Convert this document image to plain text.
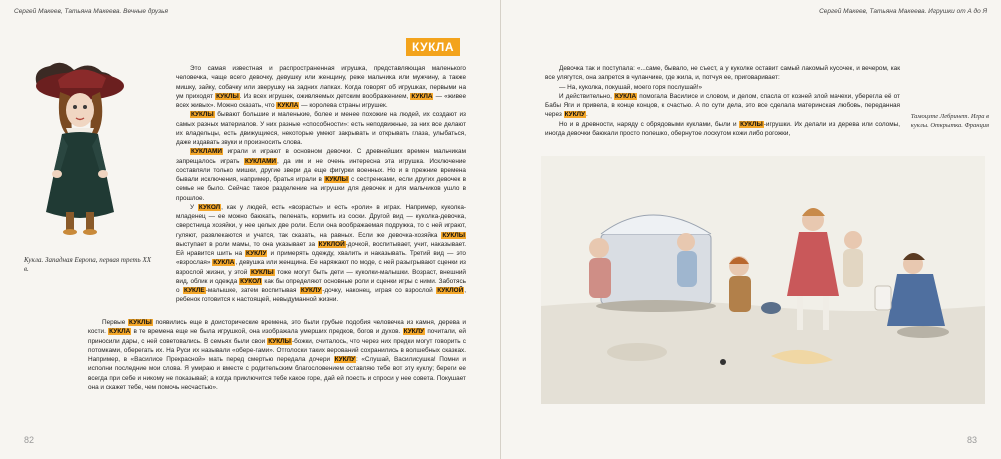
Сергей Макеев, Татьяна Макеева. Вечные друзья
КУКЛА
Кукла. Западная Европа, первая треть XX в.

Это самая известная и распространенная игрушка, представляющая маленького человечка, чаще всего девочку, девушку или женщину, реже мальчика или мужчину, а также мишку, зайку, собачку или зверушку на задних лапках. Когда говорят об игрушках, первыми на ум приходят КУКЛЫ. Из всех игрушек, оживляемых детским воображением, КУКЛА — «живее всех живых». Можно сказать, что КУКЛА — королева страны игрушек.

КУКЛЫ бывают большие и маленькие, более и менее похожие на людей, их создают из самых разных материалов. У них разные «способности»: есть неподвижные, за них все делают их владельцы, есть движущиеся, некоторые умеют закрывать и открывать глаза, улыбаться, даже издавать звуки и произносить слова.

КУКЛАМИ играли и играют в основном девочки. С древнейших времен мальчикам запрещалось играть КУКЛАМИ, да им и не очень интересна эта игрушка. Исключение составляли только мишки, другие звери да еще фигурки военных. Но и в прежние времена бывали исключения, например, братья играли в КУКЛЫ с сестренками, если других девочек в семье не было. Сейчас такое разделение на игрушки для девочек и для мальчиков ушло в прошлое.

У КУКОЛ, как у людей, есть «возрасты» и есть «роли» в играх. Например, куколка-младенец — ее можно баюкать, пеленать, кормить из соски. Другой вид — куколка-девочка, сверстница хозяйки, у нее целых две роли. Если она воображаемая подружка, то с ней играют, гуляют, развлекаются и учатся, так сказать, на равных. Если же девочка-хозяйка КУКЛЫ выступает в роли мамы, то она указывает за КУКЛОЙ-дочкой, воспитывает, учит, наказывает. Ей нравится шить на КУКЛУ и примерять одежду, хвалить и наказывать. Третий вид — это «взрослая» КУКЛА, девушка или женщина. Ее наряжают по моде, с ней разыгрывают сценки из взрослой жизни, у этой КУКЛЫ тоже могут быть дети — куколки-малышки. Возраст, внешний вид, облик и одежда КУКОЛ как бы определяют основные роли и сценки игры с ними. Заботясь о КУКЛЕ-малышке, затем воспитывая КУКЛУ-дочку, наконец, играя со взрослой КУКЛОЙ, ребенок готовится к настоящей, невыдуманной жизни.

Первые КУКЛЫ появились еще в доисторические времена, это были грубые подобия человечка из камня, дерева и кости. КУКЛА в те времена еще не была игрушкой, она изображала умерших предков, богов и духов. КУКЛУ почитали, ей приносили дары, с ней советовались. В семьях были свои КУКЛЫ-божки, считалось, что через них предки могут говорить с потомками, оберегать их. На Руси их называли «обере-гами». Отголоски таких верований сохранились в волшебных сказках. Например, в «Василисе Прекрасной» мать перед смертью передала дочери КУКЛУ: «Слушай, Василисушка! Помни и исполни последние мои слова. Я умираю и вместе с родительским благословением оставляю тебе вот эту куклу; береги ее всегда при себе и никому не показывай; а когда приключится тебе какое горе, дай ей поесть и спроси у нее совета. Покушает она и скажет тебе, чем помочь несчастью».

82
Сергей Макеев, Татьяна Макеева. Игрушки от А до Я

Девочка так и поступала: «...саме, бывало, не съест, а у куколке оставит самый лакомый кусочек, и вечером, как все улягутся, она запрется в чуланчике, где жила, и, потчуя ее, приговаривает:

— На, куколка, покушай, моего горя послушай!»

И действительно, КУКЛА помогала Василисе и словом, и делом, спасла от козней злой мачехи, уберегла её от Бабы Яги и привела, в конце концов, к счастью. А по сути дела, это все сделала материнская любовь, переданная через КУКЛУ.

Но и в древности, наряду с обрядовыми куклами, были и КУКЛЫ-игрушки. Их делали из дерева или соломы, иногда девочки баюкали просто полешко, обернутое лоскутом кожи либо рогожки,

Тамоцзте Лебринет. Игра в куклы. Открытка. Франция
83
